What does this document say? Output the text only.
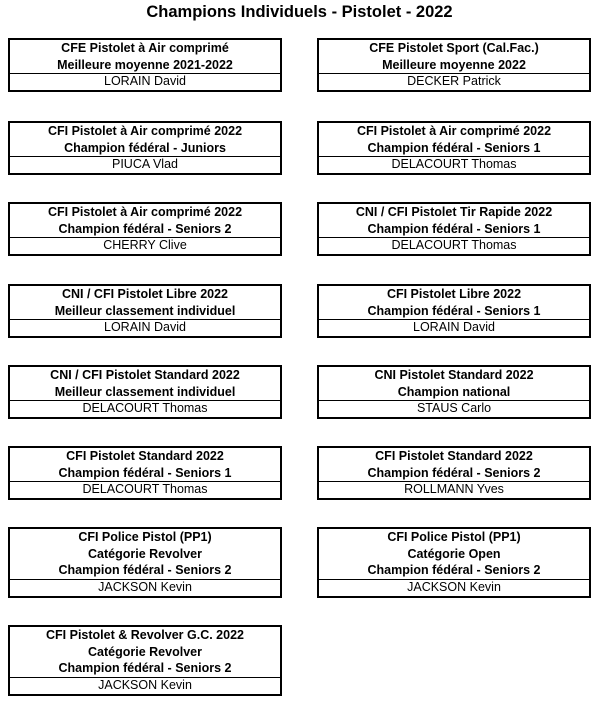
Champions Individuels - Pistolet - 2022
CFE Pistolet à Air comprimé
Meilleure moyenne 2021-2022
LORAIN David
CFE Pistolet Sport (Cal.Fac.)
Meilleure moyenne 2022
DECKER Patrick
CFI Pistolet à Air comprimé 2022
Champion fédéral - Juniors
PIUCA Vlad
CFI Pistolet à Air comprimé 2022
Champion fédéral - Seniors 1
DELACOURT Thomas
CFI Pistolet à Air comprimé 2022
Champion fédéral - Seniors 2
CHERRY Clive
CNI / CFI Pistolet Tir Rapide 2022
Champion fédéral - Seniors 1
DELACOURT Thomas
CNI / CFI Pistolet Libre 2022
Meilleur classement individuel
LORAIN David
CFI Pistolet Libre 2022
Champion fédéral - Seniors 1
LORAIN David
CNI / CFI Pistolet Standard 2022
Meilleur classement individuel
DELACOURT Thomas
CNI Pistolet Standard 2022
Champion national
STAUS Carlo
CFI Pistolet Standard 2022
Champion fédéral - Seniors 1
DELACOURT Thomas
CFI Pistolet Standard 2022
Champion fédéral - Seniors 2
ROLLMANN Yves
CFI Police Pistol (PP1)
Catégorie Revolver
Champion fédéral - Seniors 2
JACKSON Kevin
CFI Police Pistol (PP1)
Catégorie Open
Champion fédéral - Seniors 2
JACKSON Kevin
CFI Pistolet & Revolver G.C. 2022
Catégorie Revolver
Champion fédéral - Seniors 2
JACKSON Kevin
